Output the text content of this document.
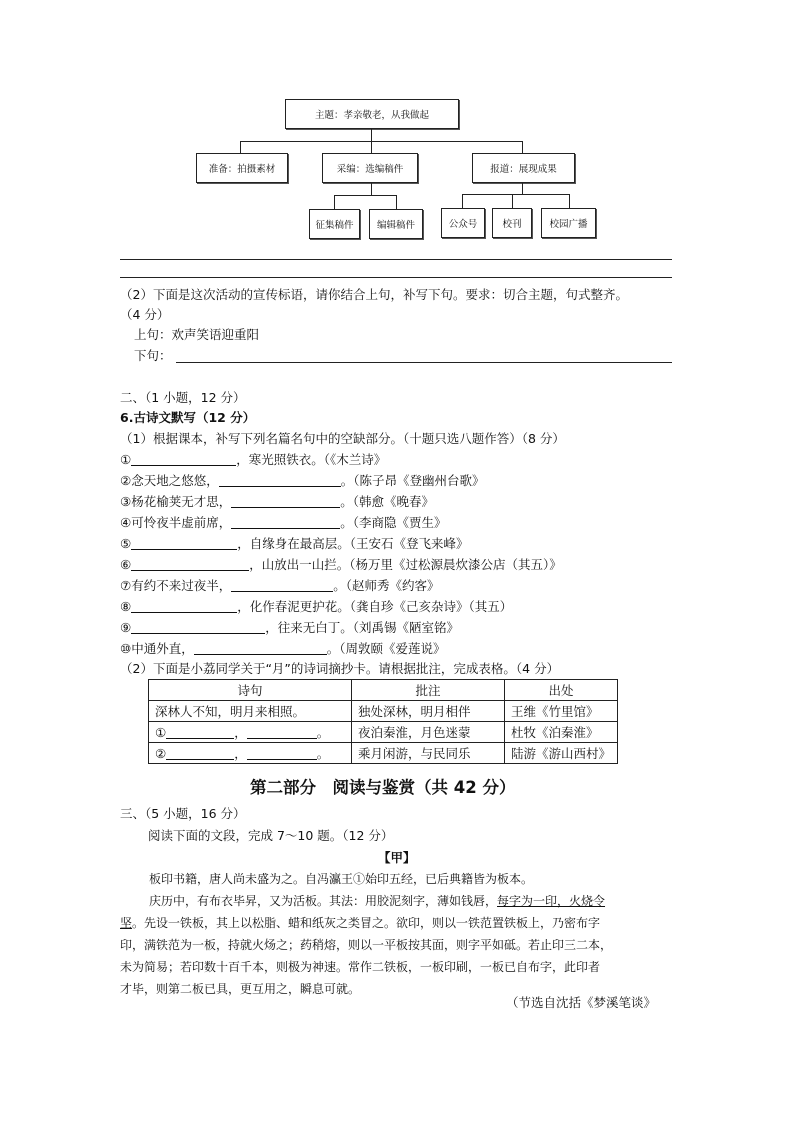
主题：孝亲敬老，从我做起
准备：拍摄素材	采编：选编稿件	报道：展现成果
征集稿件	编辑稿件	公众号	校刊	校园广播
（2）下面是这次活动的宣传标语，请你结合上句，补写下句。要求：切合主题，句式整齐。
（4 分）
上句：欢声笑语迎重阳
下句：
二、（1 小题，12 分）
6.古诗文默写（12 分）
（1）根据课本，补写下列名篇名句中的空缺部分。（十题只选八题作答）（8 分）
①	，寒光照铁衣。（《木兰诗》
②念天地之悠悠，	。（陈子昂《登幽州台歌》
③杨花榆荚无才思，	。（韩愈《晚春》
④可怜夜半虚前席，	。（李商隐《贾生》
⑤	，自缘身在最高层。（王安石《登飞来峰》
⑥	，山放出一山拦。（杨万里《过松源晨炊漆公店（其五）》
⑦有约不来过夜半，	。（赵师秀《约客》
⑧	，化作春泥更护花。（龚自珍《己亥杂诗》（其五）
⑨	，往来无白丁。（刘禹锡《陋室铭》
⑩中通外直，	。（周敦颐《爱莲说》
（2）下面是小荔同学关于“月”的诗词摘抄卡。请根据批注，完成表格。（4 分）
诗句	批注	出处
深林人不知，明月来相照。	独处深林，明月相伴	王维《竹里馆》
① ， 。	夜泊秦淮，月色迷蒙	杜牧《泊秦淮》
② ， 。	乘月闲游，与民同乐	陆游《游山西村》
第二部分　阅读与鉴赏（共 42 分）
三、（5 小题，16 分）
阅读下面的文段，完成 7～10 题。（12 分）
【甲】
板印书籍，唐人尚未盛为之。自冯瀛王①始印五经，已后典籍皆为板本。
庆历中，有布衣毕昇，又为活板。其法：用胶泥刻字，薄如钱唇，每字为一印，火烧令
坚。先设一铁板，其上以松脂、蜡和纸灰之类冒之。欲印，则以一铁范置铁板上，乃密布字
印，满铁范为一板，持就火炀之；药稍熔，则以一平板按其面，则字平如砥。若止印三二本，
未为简易；若印数十百千本，则极为神速。常作二铁板，一板印刷，一板已自布字，此印者
才毕，则第二板已具，更互用之，瞬息可就。
（节选自沈括《梦溪笔谈》
